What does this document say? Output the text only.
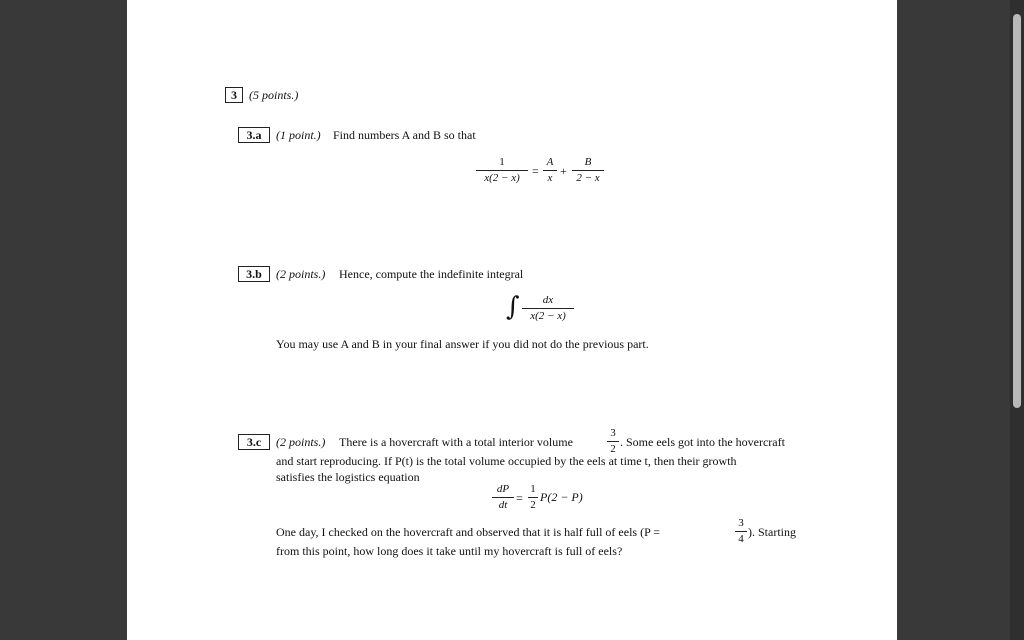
3	(5 points.)
3.a	(1 point.) Find numbers A and B so that
1
x(2 − x)	=
A
x +
B
2 − x
3.b	(2 points.) Hence, compute the indefinite integral
∫	dx
x(2 − x)
You may use A and B in your final answer if you did not do the previous part.
3.c	(2 points.) There is a hovercraft with a total interior volume
3
2 . Some eels got into the hovercraft
and start reproducing. If P(t) is the total volume occupied by the eels at time t, then their growth
satisfies the logistics equation
dP
dt =
1
2
P(2 − P)
One day, I checked on the hovercraft and observed that it is half full of eels (P =
3
4 ). Starting
from this point, how long does it take until my hovercraft is full of eels?
